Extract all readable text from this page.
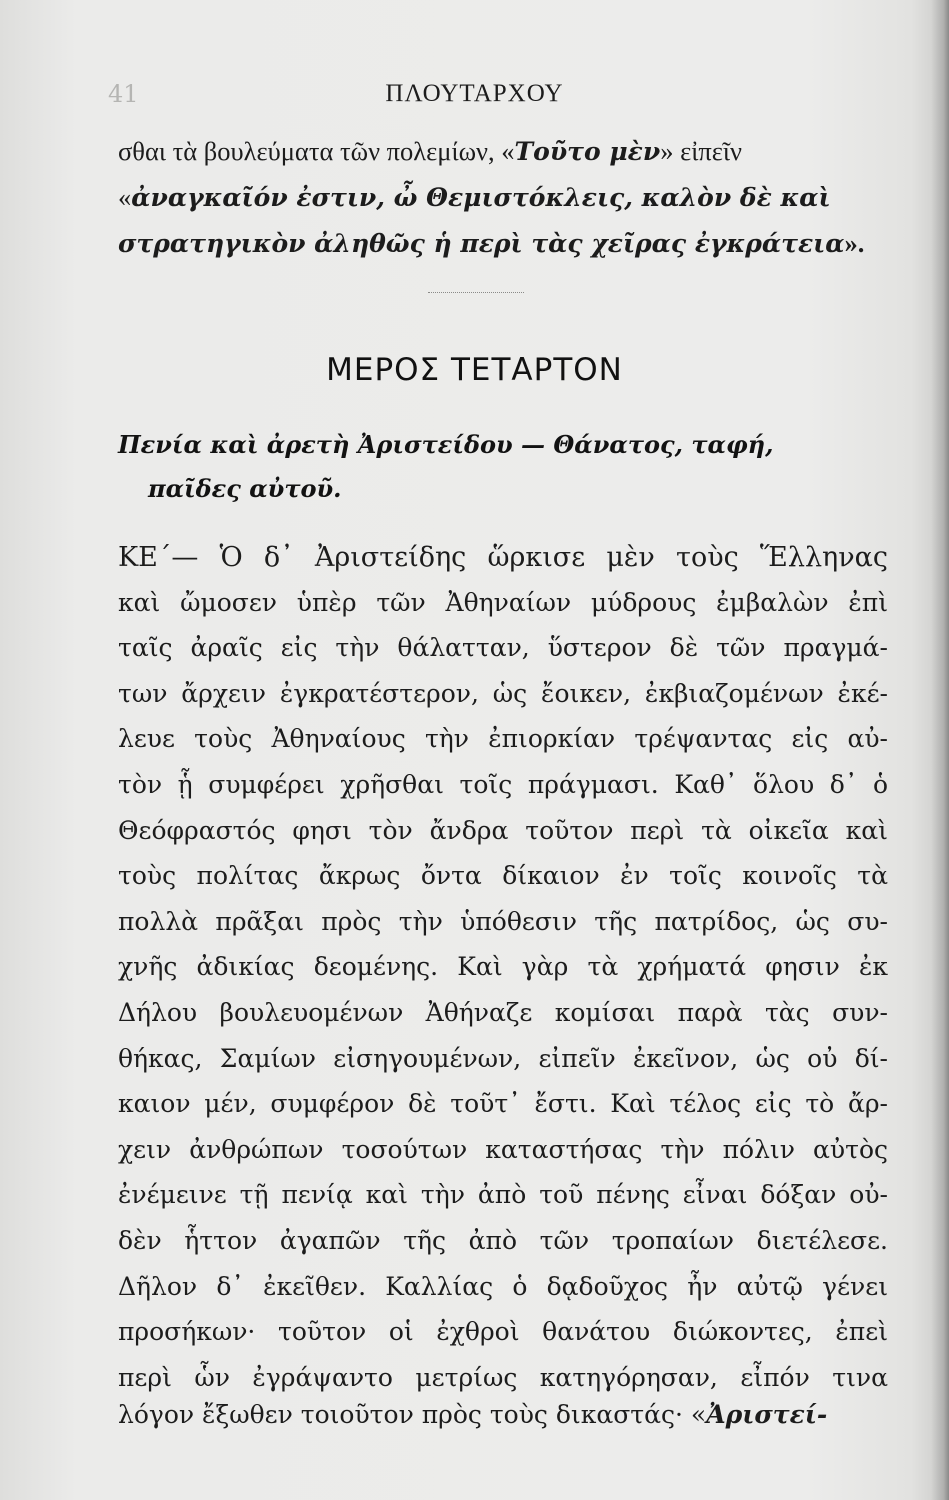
41	ΠΛΟΥΤΑΡΧΟΥ
σθαι τὰ βουλεύματα τῶν πολεμίων, «Τοῦτο μὲν» εἰπεῖν
«ἀναγκαῖόν ἐστιν, ὦ Θεμιστόκλεις, καλὸν δὲ καὶ
στρατηγικὸν ἀληθῶς ἡ περὶ τὰς χεῖρας ἐγκράτεια».
ΜΕΡΟΣ ΤΕΤΑΡΤΟΝ
Πενία καὶ ἀρετὴ Ἀριστείδου — Θάνατος, ταφή,
παῖδες αὐτοῦ.
ΚΕ΄— Ὁ δ᾽ Ἀριστείδης ὥρκισε μὲν τοὺς Ἕλληνας
καὶ ὤμοσεν ὑπὲρ τῶν Ἀθηναίων μύδρους ἐμβαλὼν ἐπὶ
ταῖς ἀραῖς εἰς τὴν θάλατταν, ὕστερον δὲ τῶν πραγμά-
των ἄρχειν ἐγκρατέστερον, ὡς ἔοικεν, ἐκβιαζομένων ἐκέ-
λευε τοὺς Ἀθηναίους τὴν ἐπιορκίαν τρέψαντας εἰς αὐ-
τὸν ᾗ συμφέρει χρῆσθαι τοῖς πράγμασι. Καθ᾽ ὅλου δ᾽ ὁ
Θεόφραστός φησι τὸν ἄνδρα τοῦτον περὶ τὰ οἰκεῖα καὶ
τοὺς πολίτας ἄκρως ὄντα δίκαιον ἐν τοῖς κοινοῖς τὰ
πολλὰ πρᾶξαι πρὸς τὴν ὑπόθεσιν τῆς πατρίδος, ὡς συ-
χνῆς ἀδικίας δεομένης. Καὶ γὰρ τὰ χρήματά φησιν ἐκ
Δήλου βουλευομένων Ἀθήναζε κομίσαι παρὰ τὰς συν-
θήκας, Σαμίων εἰσηγουμένων, εἰπεῖν ἐκεῖνον, ὡς οὐ δί-
καιον μέν, συμφέρον δὲ τοῦτ᾽ ἔστι. Καὶ τέλος εἰς τὸ ἄρ-
χειν ἀνθρώπων τοσούτων καταστήσας τὴν πόλιν αὐτὸς
ἐνέμεινε τῇ πενίᾳ καὶ τὴν ἀπὸ τοῦ πένης εἶναι δόξαν οὐ-
δὲν ἧττον ἀγαπῶν τῆς ἀπὸ τῶν τροπαίων διετέλεσε.
Δῆλον δ᾽ ἐκεῖθεν. Καλλίας ὁ δᾳδοῦχος ἦν αὐτῷ γένει
προσήκων· τοῦτον οἱ ἐχθροὶ θανάτου διώκοντες, ἐπεὶ
περὶ ὧν ἐγράψαντο μετρίως κατηγόρησαν, εἶπόν τινα
λόγον ἔξωθεν τοιοῦτον πρὸς τοὺς δικαστάς· «Ἀριστεί-
